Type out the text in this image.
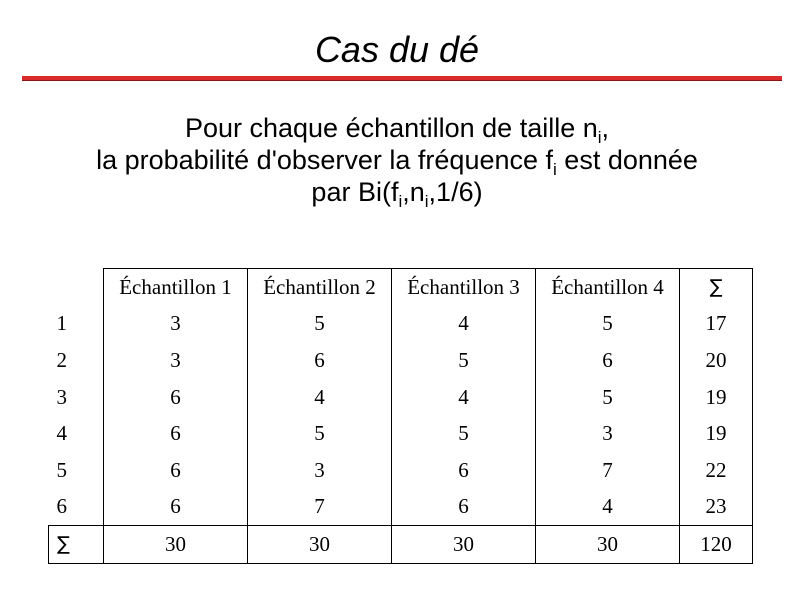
Cas du dé
Pour chaque échantillon de taille $n_i$,
la probabilité d'observer la fréquence $f_i$ est donnée
par $Bi(f_i,n_i,1/6)$
	Échantillon 1	Échantillon 2	Échantillon 3	Échantillon 4	∑
1	3	5	4	5	17
2	3	6	5	6	20
3	6	4	4	5	19
4	6	5	5	3	19
5	6	3	6	7	22
6	6	7	6	4	23
∑	30	30	30	30	120
